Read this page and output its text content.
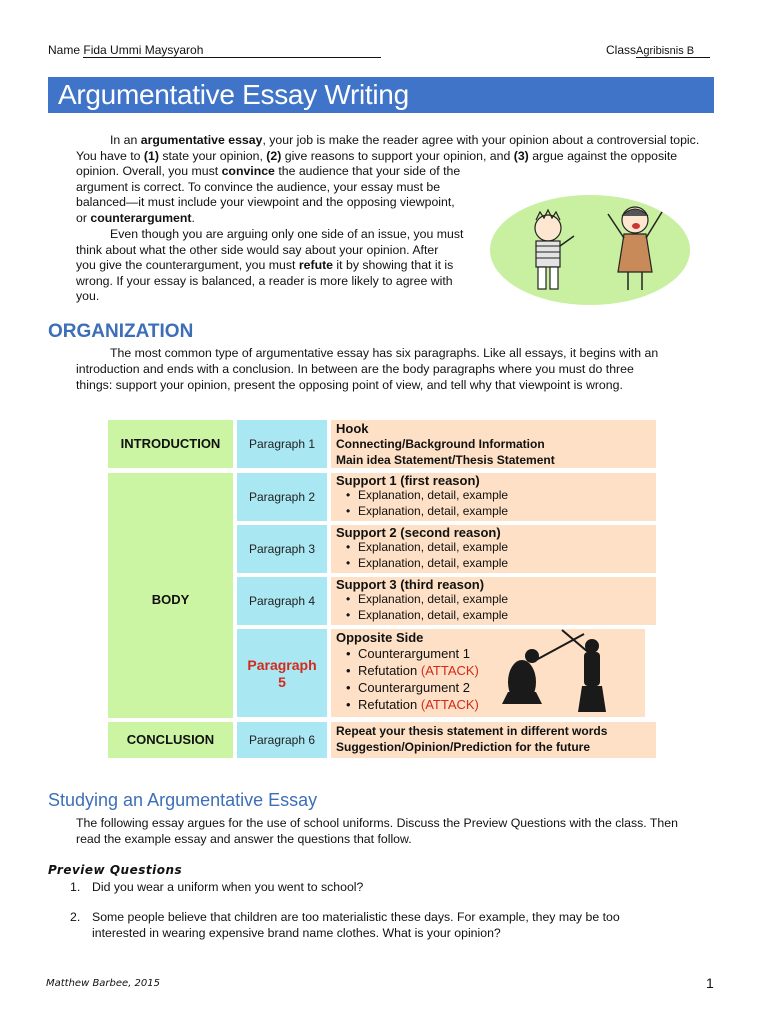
Name Fida Ummi Maysyaroh	ClassAgribisnis B
Argumentative Essay Writing
In an argumentative essay, your job is make the reader agree with your opinion about a controversial topic.
You have to (1) state your opinion, (2) give reasons to support your opinion, and (3) argue against the opposite
opinion. Overall, you must convince the audience that your side of the
argument is correct. To convince the audience, your essay must be
balanced—it must include your viewpoint and the opposing viewpoint,
or counterargument.
Even though you are arguing only one side of an issue, you must
think about what the other side would say about your opinion. After
you give the counterargument, you must refute it by showing that it is
wrong. If your essay is balanced, a reader is more likely to agree with
you.
ORGANIZATION
The most common type of argumentative essay has six paragraphs. Like all essays, it begins with an
introduction and ends with a conclusion. In between are the body paragraphs where you must do three
things: support your opinion, present the opposing point of view, and tell why that viewpoint is wrong.
INTRODUCTION
BODY
CONCLUSION
Paragraph 1
Paragraph 2
Paragraph 3
Paragraph 4
Paragraph
5
Paragraph 6
Hook
Connecting/Background Information
Main idea Statement/Thesis Statement
Support 1 (first reason)
• Explanation, detail, example
• Explanation, detail, example
Support 2 (second reason)
• Explanation, detail, example
• Explanation, detail, example
Support 3 (third reason)
• Explanation, detail, example
• Explanation, detail, example
Opposite Side
• Counterargument 1
• Refutation (ATTACK)
• Counterargument 2
• Refutation (ATTACK)
Repeat your thesis statement in different words
Suggestion/Opinion/Prediction for the future
Studying an Argumentative Essay
The following essay argues for the use of school uniforms. Discuss the Preview Questions with the class. Then
read the example essay and answer the questions that follow.
Preview Questions
1. Did you wear a uniform when you went to school?
2. Some people believe that children are too materialistic these days. For example, they may be too
interested in wearing expensive brand name clothes. What is your opinion?
Matthew Barbee, 2015	1
